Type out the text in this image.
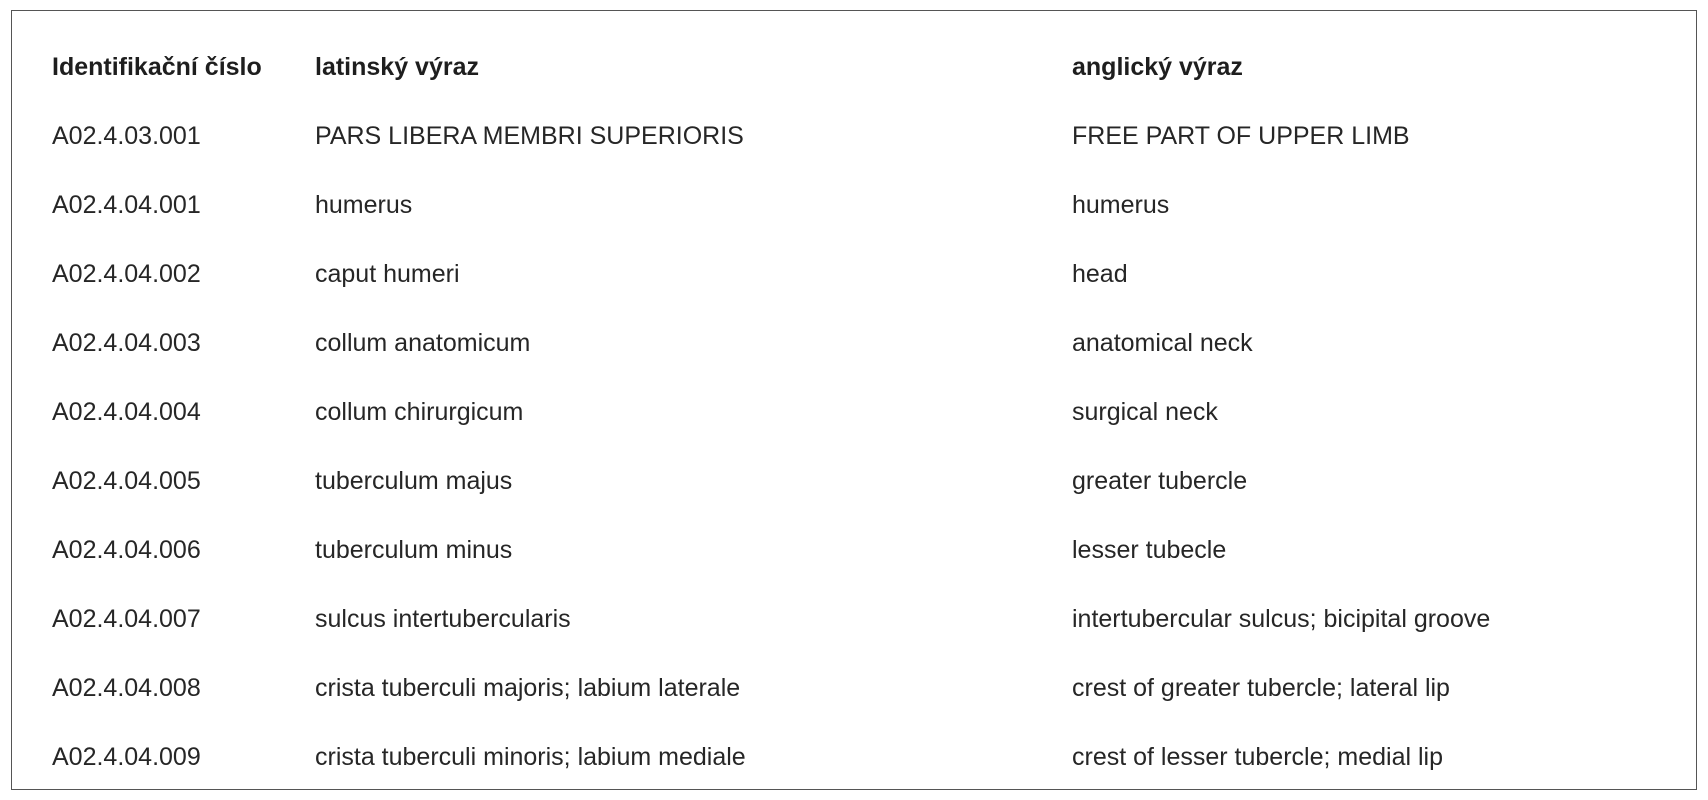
Identifikační číslo	latinský výraz	anglický výraz
A02.4.03.001	PARS LIBERA MEMBRI SUPERIORIS	FREE PART OF UPPER LIMB
A02.4.04.001	humerus	humerus
A02.4.04.002	caput humeri	head
A02.4.04.003	collum anatomicum	anatomical neck
A02.4.04.004	collum chirurgicum	surgical neck
A02.4.04.005	tuberculum majus	greater tubercle
A02.4.04.006	tuberculum minus	lesser tubecle
A02.4.04.007	sulcus intertubercularis	intertubercular sulcus; bicipital groove
A02.4.04.008	crista tuberculi majoris; labium laterale	crest of greater tubercle; lateral lip
A02.4.04.009	crista tuberculi minoris; labium mediale	crest of lesser tubercle; medial lip
